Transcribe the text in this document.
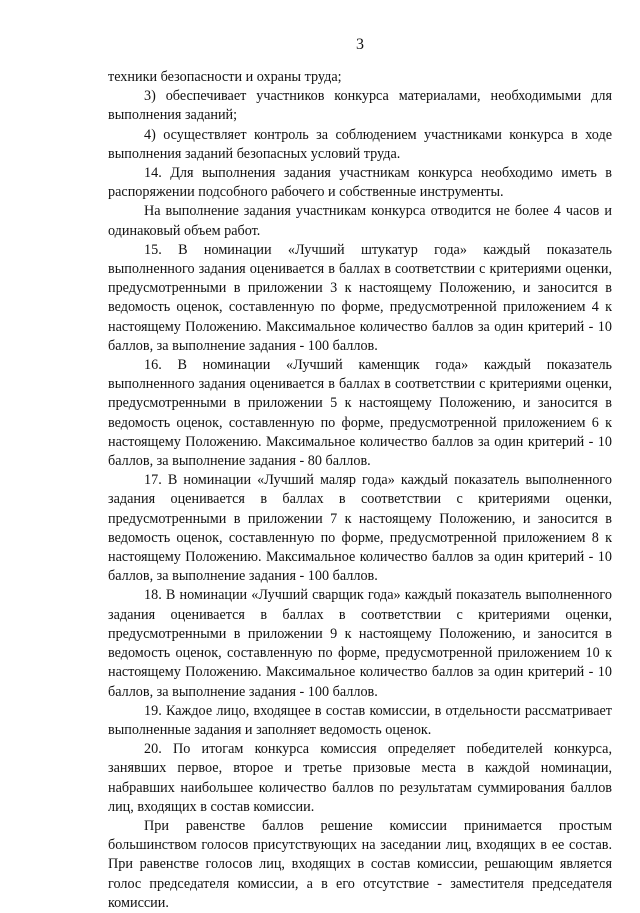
3

техники безопасности и охраны труда;

3) обеспечивает участников конкурса материалами, необходимыми для выполнения заданий;

4) осуществляет контроль за соблюдением участниками конкурса в ходе выполнения заданий безопасных условий труда.

14. Для выполнения задания участникам конкурса необходимо иметь в распоряжении подсобного рабочего и собственные инструменты.

На выполнение задания участникам конкурса отводится не более 4 часов и одинаковый объем работ.

15. В номинации «Лучший штукатур года» каждый показатель выполненного задания оценивается в баллах в соответствии с критериями оценки, предусмотренными в приложении 3 к настоящему Положению, и заносится в ведомость оценок, составленную по форме, предусмотренной приложением 4 к настоящему Положению. Максимальное количество баллов за один критерий - 10 баллов, за выполнение задания - 100 баллов.

16. В номинации «Лучший каменщик года» каждый показатель выполненного задания оценивается в баллах в соответствии с критериями оценки, предусмотренными в приложении 5 к настоящему Положению, и заносится в ведомость оценок, составленную по форме, предусмотренной приложением 6 к настоящему Положению. Максимальное количество баллов за один критерий - 10 баллов, за выполнение задания - 80 баллов.

17. В номинации «Лучший маляр года» каждый показатель выполненного задания оценивается в баллах в соответствии с критериями оценки, предусмотренными в приложении 7 к настоящему Положению, и заносится в ведомость оценок, составленную по форме, предусмотренной приложением 8 к настоящему Положению. Максимальное количество баллов за один критерий - 10 баллов, за выполнение задания - 100 баллов.

18. В номинации «Лучший сварщик года» каждый показатель выполненного задания оценивается в баллах в соответствии с критериями оценки, предусмотренными в приложении 9 к настоящему Положению, и заносится в ведомость оценок, составленную по форме, предусмотренной приложением 10 к настоящему Положению. Максимальное количество баллов за один критерий - 10 баллов, за выполнение задания - 100 баллов.

19. Каждое лицо, входящее в состав комиссии, в отдельности рассматривает выполненные задания и заполняет ведомость оценок.

20. По итогам конкурса комиссия определяет победителей конкурса, занявших первое, второе и третье призовые места в каждой номинации, набравших наибольшее количество баллов по результатам суммирования баллов лиц, входящих в состав комиссии.

При равенстве баллов решение комиссии принимается простым большинством голосов присутствующих на заседании лиц, входящих в ее состав. При равенстве голосов лиц, входящих в состав комиссии, решающим является голос председателя комиссии, а в его отсутствие - заместителя председателя комиссии.
